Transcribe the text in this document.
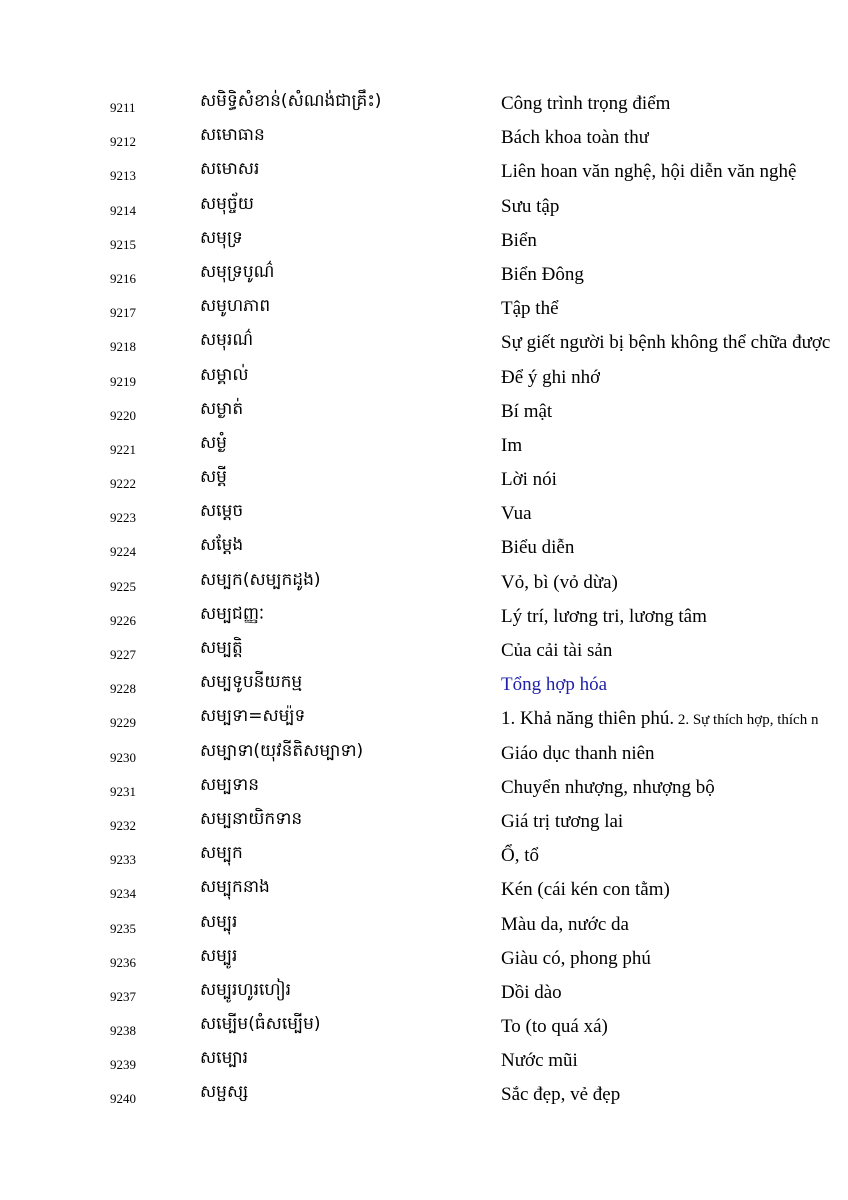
9211	សមិទ្ធិសំខាន់(សំណង់ជាគ្រឹះ)	Công trình trọng điểm
9212	សមោធាន	Bách khoa toàn thư
9213	សមោសរ	Liên hoan văn nghệ, hội diễn văn nghệ
9214	សមុច្ច័យ	Sưu tập
9215	សមុទ្រ	Biển
9216	សមុទ្របូណ៌	Biển Đông
9217	សមូហភាព	Tập thể
9218	សមុរណ៌	Sự giết người bị bệnh không thể chữa được
9219	សម្គាល់	Để ý ghi nhớ
9220	សម្ងាត់	Bí mật
9221	សម្ងំ	Im
9222	សម្ដី	Lời nói
9223	សម្ដេច	Vua
9224	សម្ដែង	Biểu diễn
9225	សម្បក(សម្បកដូង)	Vỏ, bì (vỏ dừa)
9226	សម្បជញ្ញៈ	Lý trí, lương tri, lương tâm
9227	សម្បត្តិ	Của cải tài sản
9228	សម្បទូបនីយកម្ម	Tổng hợp hóa
9229	សម្បទា=សម្ប៉ទ	1. Khả năng thiên phú. 2. Sự thích hợp, thích n
9230	សម្បាទា(យុវនីតិសម្បាទា)	Giáo dục thanh niên
9231	សម្បទាន	Chuyển nhượng, nhượng bộ
9232	សម្បនាយិកទាន	Giá trị tương lai
9233	សម្បុក	Ổ, tổ
9234	សម្បុកនាង	Kén (cái kén con tằm)
9235	សម្បុរ	Màu da, nước da
9236	សម្បូរ	Giàu có, phong phú
9237	សម្បូរហូរហៀរ	Dồi dào
9238	សម្បើម(ធំសម្បើម)	To (to quá xá)
9239	សម្បោរ	Nước mũi
9240	សម្ផស្ស	Sắc đẹp, vẻ đẹp
